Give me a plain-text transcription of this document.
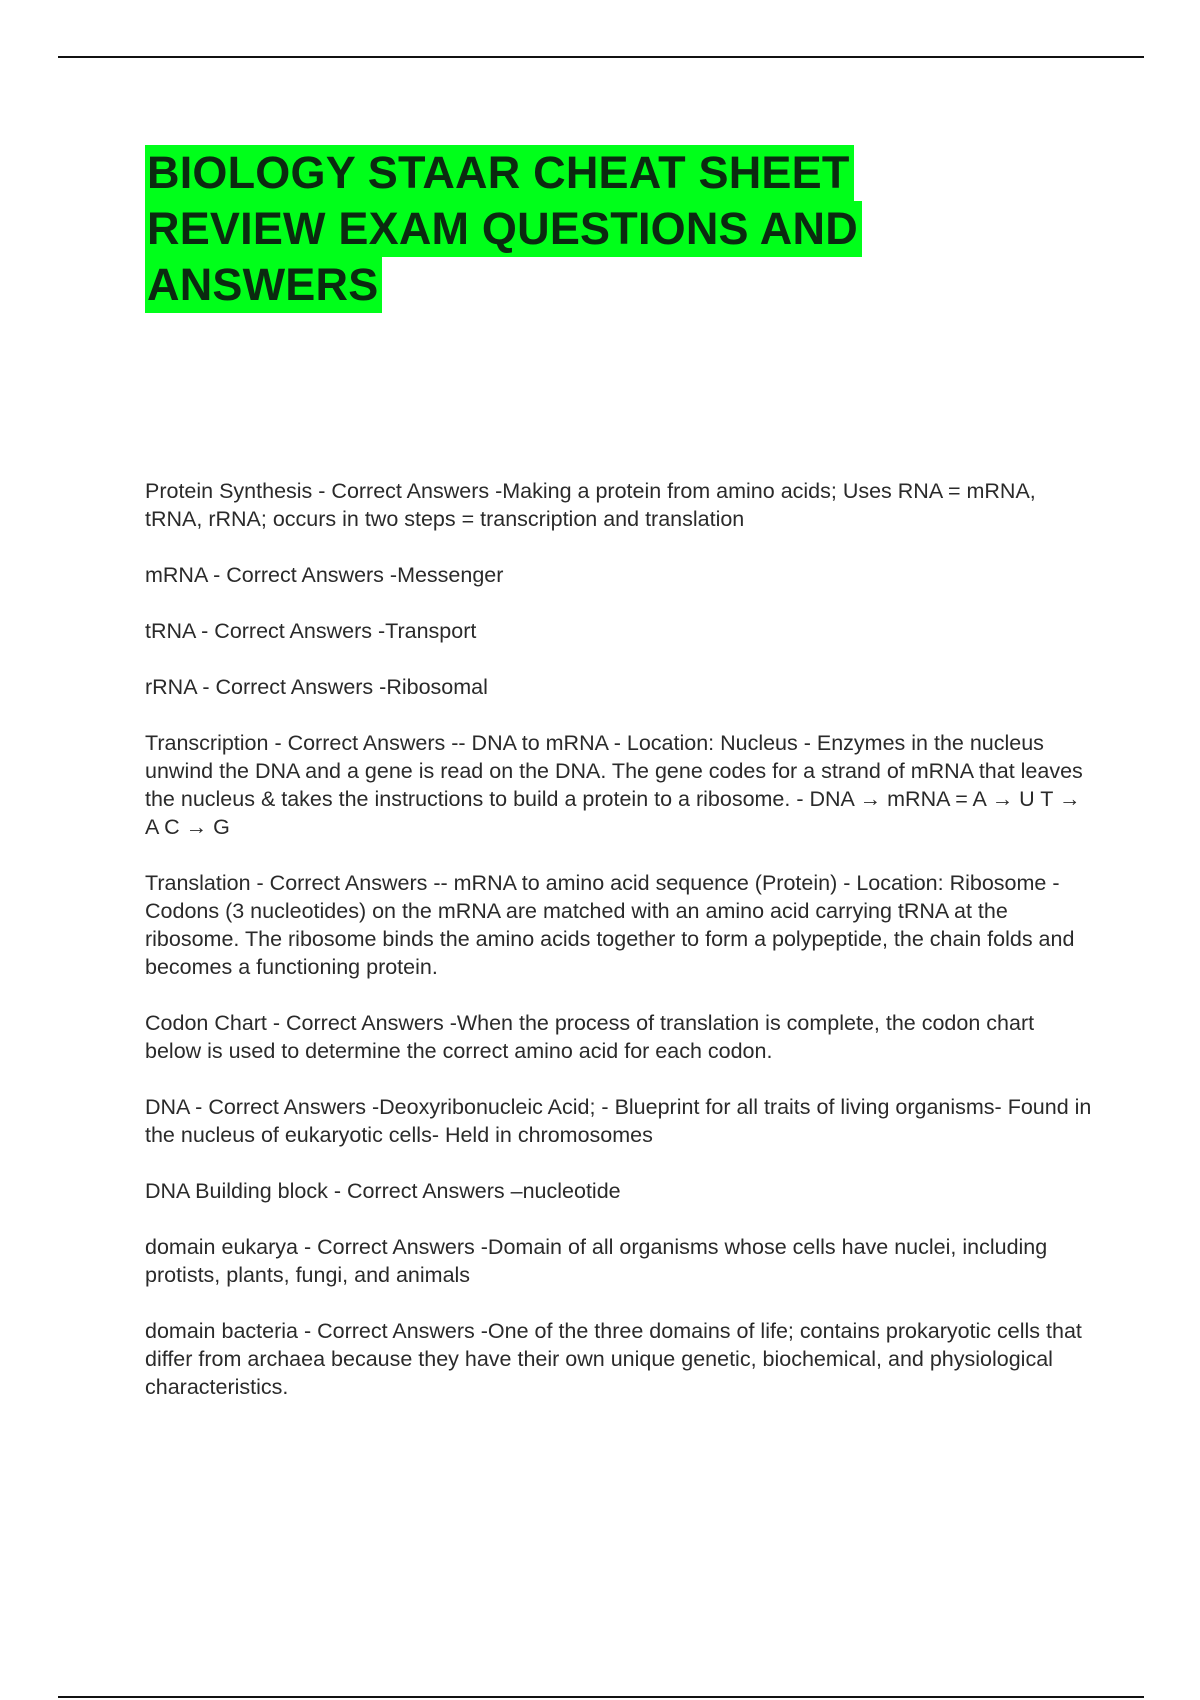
BIOLOGY STAAR CHEAT SHEET
REVIEW EXAM QUESTIONS AND
ANSWERS

Protein Synthesis - Correct Answers -Making a protein from amino acids; Uses RNA = mRNA, tRNA, rRNA; occurs in two steps = transcription and translation

mRNA - Correct Answers -Messenger

tRNA - Correct Answers -Transport

rRNA - Correct Answers -Ribosomal

Transcription - Correct Answers -- DNA to mRNA - Location: Nucleus - Enzymes in the nucleus unwind the DNA and a gene is read on the DNA. The gene codes for a strand of mRNA that leaves the nucleus & takes the instructions to build a protein to a ribosome. - DNA → mRNA = A → U T → A C → G

Translation - Correct Answers -- mRNA to amino acid sequence (Protein) - Location: Ribosome - Codons (3 nucleotides) on the mRNA are matched with an amino acid carrying tRNA at the ribosome. The ribosome binds the amino acids together to form a polypeptide, the chain folds and becomes a functioning protein.

Codon Chart - Correct Answers -When the process of translation is complete, the codon chart below is used to determine the correct amino acid for each codon.

DNA - Correct Answers -Deoxyribonucleic Acid; - Blueprint for all traits of living organisms- Found in the nucleus of eukaryotic cells- Held in chromosomes

DNA Building block - Correct Answers –nucleotide

domain eukarya - Correct Answers -Domain of all organisms whose cells have nuclei, including protists, plants, fungi, and animals

domain bacteria - Correct Answers -One of the three domains of life; contains prokaryotic cells that differ from archaea because they have their own unique genetic, biochemical, and physiological characteristics.
